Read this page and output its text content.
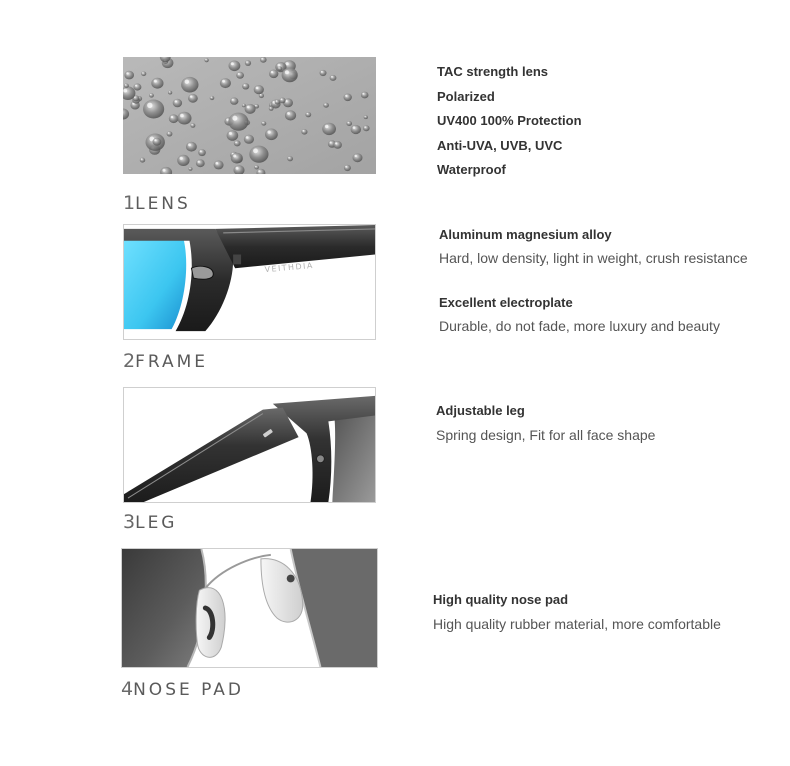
1LENS
TAC strength lens
Polarized
UV400 100% Protection
Anti-UVA, UVB, UVC
Waterproof
VEITHDIA
2FRAME
Aluminum magnesium alloy
Hard, low density, light in weight, crush resistance
Excellent electroplate
Durable, do not fade, more luxury and beauty
3LEG
Adjustable leg
Spring design, Fit for all face shape
4NOSE PAD
High quality nose pad
High quality rubber material, more comfortable
